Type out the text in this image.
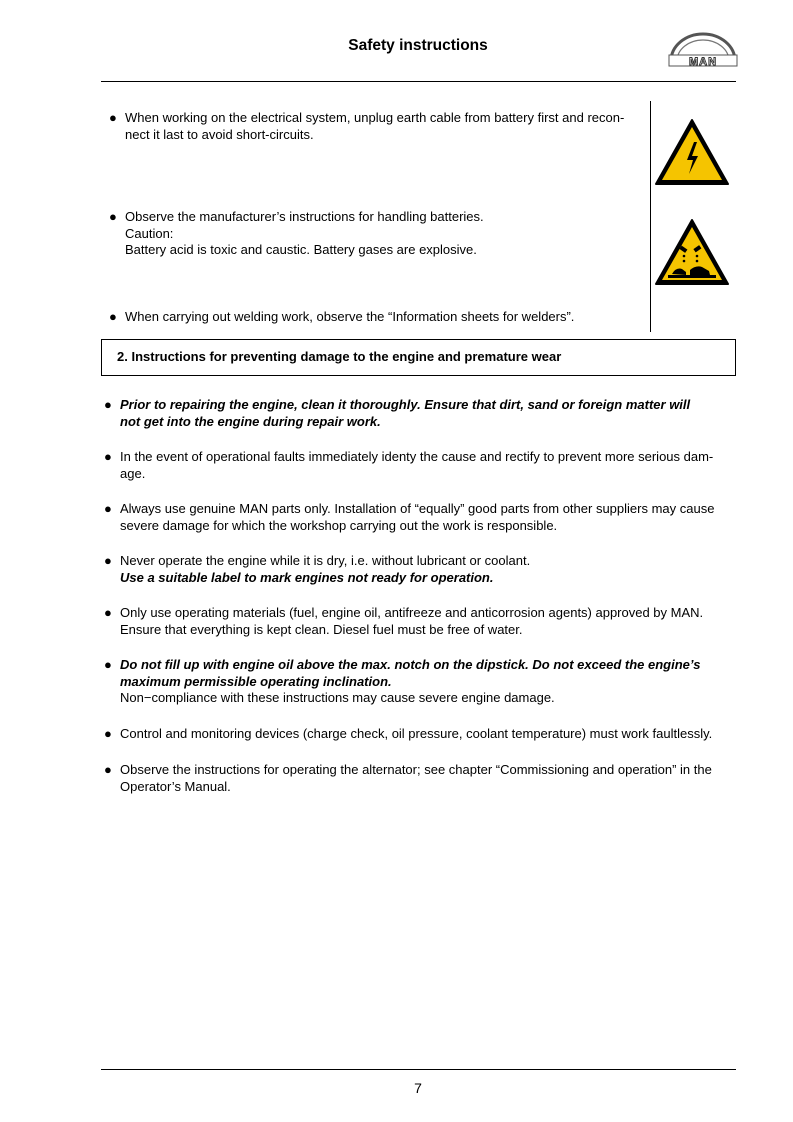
Safety instructions
MAN
● When working on the electrical system, unplug earth cable from battery first and recon-
nect it last to avoid short-circuits.
● Observe the manufacturer’s instructions for handling batteries.
Caution:
Battery acid is toxic and caustic. Battery gases are explosive.
● When carrying out welding work, observe the “Information sheets for welders”.
2. Instructions for preventing damage to the engine and premature wear
● Prior to repairing the engine, clean it thoroughly. Ensure that dirt, sand or foreign matter will
not get into the engine during repair work.
● In the event of operational faults immediately identy the cause and rectify to prevent more serious dam-
age.
● Always use genuine MAN parts only. Installation of “equally” good parts from other suppliers may cause
severe damage for which the workshop carrying out the work is responsible.
● Never operate the engine while it is dry, i.e. without lubricant or coolant.
Use a suitable label to mark engines not ready for operation.
● Only use operating materials (fuel, engine oil, antifreeze and anticorrosion agents) approved by MAN.
Ensure that everything is kept clean. Diesel fuel must be free of water.
● Do not fill up with engine oil above the max. notch on the dipstick. Do not exceed the engine’s
maximum permissible operating inclination.
Non−compliance with these instructions may cause severe engine damage.
● Control and monitoring devices (charge check, oil pressure, coolant temperature) must work faultlessly.
● Observe the instructions for operating the alternator; see chapter “Commissioning and operation” in the
Operator’s Manual.
7
